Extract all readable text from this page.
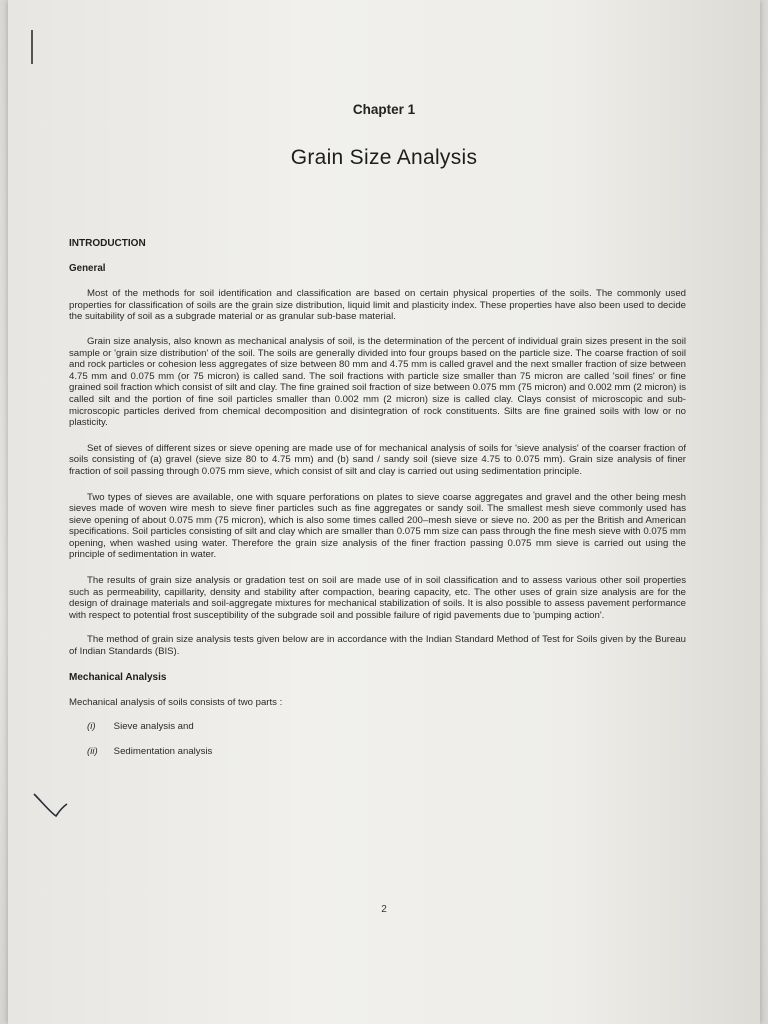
Chapter 1
Grain Size Analysis

INTRODUCTION

General

Most of the methods for soil identification and classification are based on certain physical properties of the soils. The commonly used properties for classification of soils are the grain size distribution, liquid limit and plasticity index. These properties have also been used to decide the suitability of soil as a subgrade material or as granular sub-base material.

Grain size analysis, also known as mechanical analysis of soil, is the determination of the percent of individual grain sizes present in the soil sample or 'grain size distribution' of the soil. The soils are generally divided into four groups based on the particle size. The coarse fraction of soil and rock particles or cohesion less aggregates of size between 80 mm and 4.75 mm is called gravel and the next smaller fraction of size between 4.75 mm and 0.075 mm (or 75 micron) is called sand. The soil fractions with particle size smaller than 75 micron are called 'soil fines' or fine grained soil fraction which consist of silt and clay. The fine grained soil fraction of size between 0.075 mm (75 micron) and 0.002 mm (2 micron) is called silt and the portion of fine soil particles smaller than 0.002 mm (2 micron) size is called clay. Clays consist of microscopic and sub-microscopic particles derived from chemical decomposition and disintegration of rock constituents. Silts are fine grained soils with low or no plasticity.

Set of sieves of different sizes or sieve opening are made use of for mechanical analysis of soils for 'sieve analysis' of the coarser fraction of soils consisting of (a) gravel (sieve size 80 to 4.75 mm) and (b) sand / sandy soil (sieve size 4.75 to 0.075 mm). Grain size analysis of finer fraction of soil passing through 0.075 mm sieve, which consist of silt and clay is carried out using sedimentation principle.

Two types of sieves are available, one with square perforations on plates to sieve coarse aggregates and gravel and the other being mesh sieves made of woven wire mesh to sieve finer particles such as fine aggregates or sandy soil. The smallest mesh sieve commonly used has sieve opening of about 0.075 mm (75 micron), which is also some times called 200–mesh sieve or sieve no. 200 as per the British and American specifications. Soil particles consisting of silt and clay which are smaller than 0.075 mm size can pass through the fine mesh sieve with 0.075 mm opening, when washed using water. Therefore the grain size analysis of the finer fraction passing 0.075 mm sieve is carried out using the principle of sedimentation in water.

The results of grain size analysis or gradation test on soil are made use of in soil classification and to assess various other soil properties such as permeability, capillarity, density and stability after compaction, bearing capacity, etc. The other uses of grain size analysis are for the design of drainage materials and soil-aggregate mixtures for mechanical stabilization of soils. It is also possible to assess pavement performance with respect to potential frost susceptibility of the subgrade soil and possible failure of rigid pavements due to 'pumping action'.

The method of grain size analysis tests given below are in accordance with the Indian Standard Method of Test for Soils given by the Bureau of Indian Standards (BIS).

Mechanical Analysis

Mechanical analysis of soils consists of two parts :

(i) Sieve analysis and
(ii) Sedimentation analysis
2
